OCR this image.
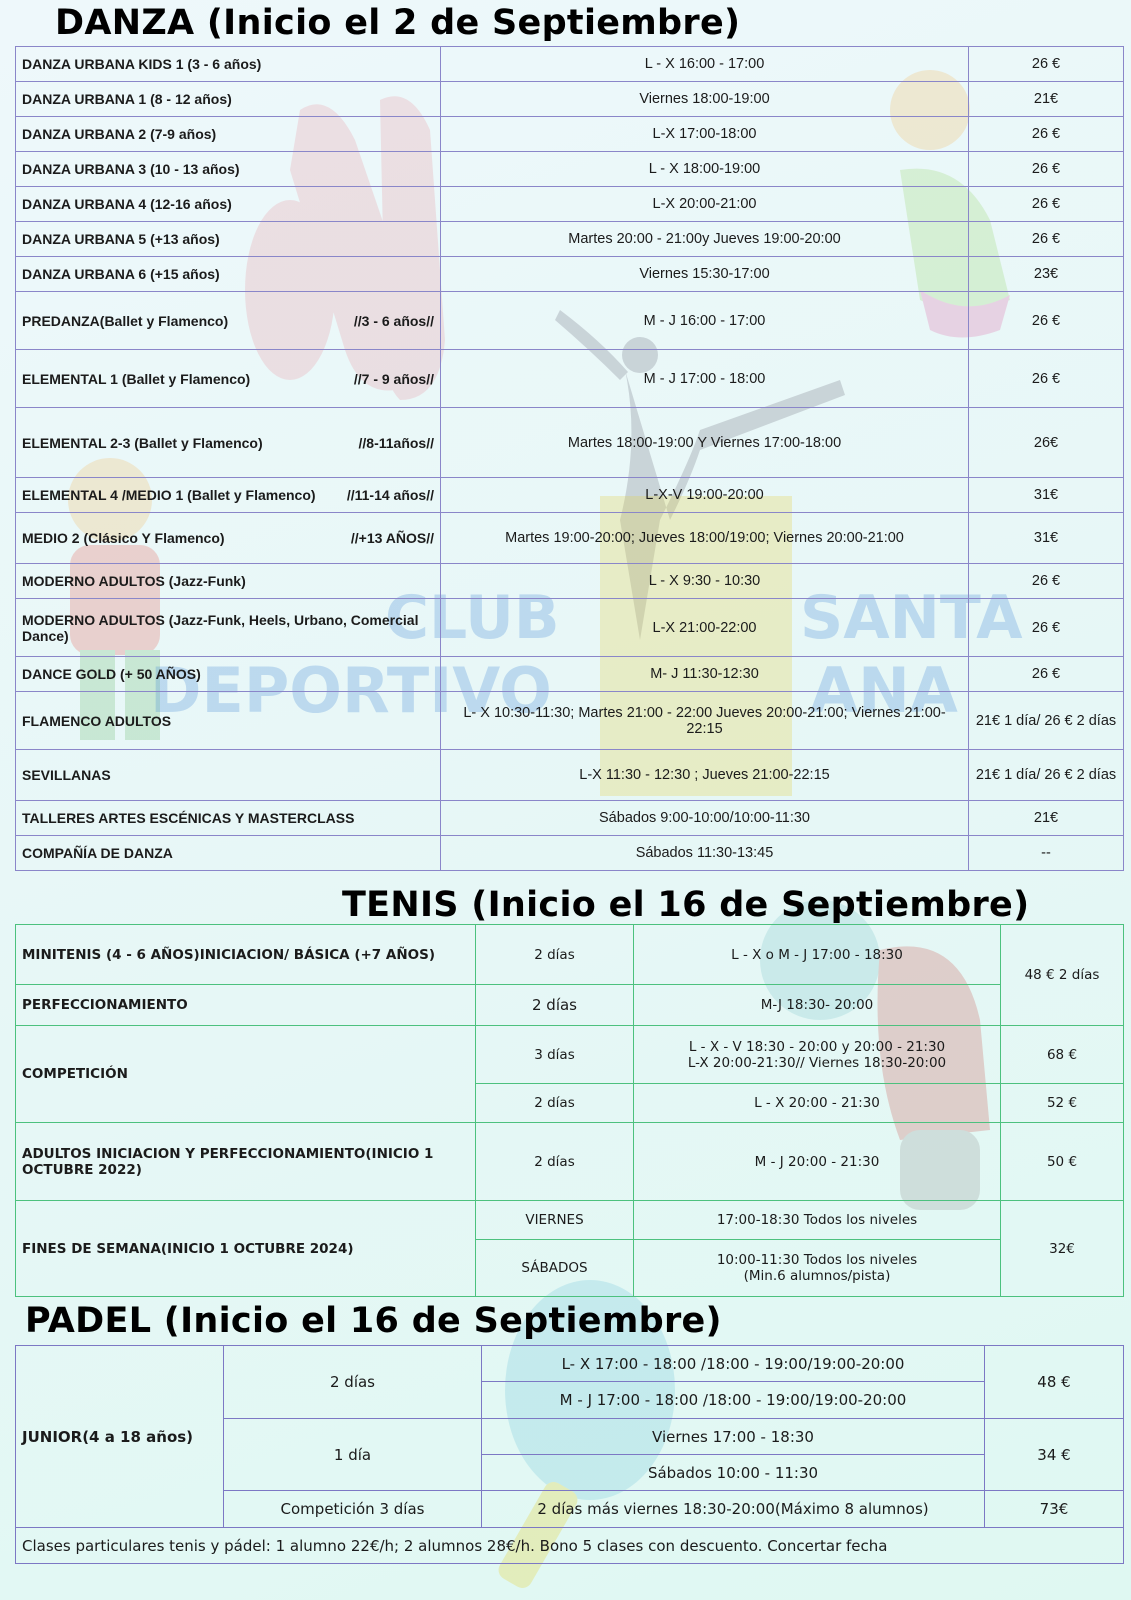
CLUB
DEPORTIVO
SANTA
ANA
DANZA (Inicio el 2 de Septiembre)
DANZA URBANA KIDS 1 (3 - 6 años)	L - X 16:00 - 17:00	26 €

DANZA URBANA 1 (8 - 12 años)	Viernes 18:00-19:00	21€

DANZA URBANA 2 (7-9 años)	L-X 17:00-18:00	26 €

DANZA URBANA 3 (10 - 13 años)	L - X 18:00-19:00	26 €

DANZA URBANA 4 (12-16 años)	L-X 20:00-21:00	26 €

DANZA URBANA 5 (+13 años)	Martes 20:00 - 21:00y Jueves 19:00-20:00	26 €

DANZA URBANA 6 (+15 años)	Viernes 15:30-17:00	23€

PREDANZA(Ballet y Flamenco) //3 - 6 años//	M - J 16:00 - 17:00	26 €

ELEMENTAL 1 (Ballet y Flamenco) //7 - 9 años//	M - J 17:00 - 18:00	26 €

ELEMENTAL 2-3 (Ballet y Flamenco) //8-11años//	Martes 18:00-19:00 Y Viernes 17:00-18:00	26€

ELEMENTAL 4 /MEDIO 1 (Ballet y Flamenco) //11-14 años//	L-X-V 19:00-20:00	31€

MEDIO 2 (Clásico Y Flamenco) //+13 AÑOS//	Martes 19:00-20:00; Jueves 18:00/19:00; Viernes 20:00-21:00	31€

MODERNO ADULTOS (Jazz-Funk)	L - X 9:30 - 10:30	26 €

MODERNO ADULTOS (Jazz-Funk, Heels, Urbano, Comercial Dance)	L-X 21:00-22:00	26 €

DANCE GOLD (+ 50 AÑOS)	M- J 11:30-12:30	26 €

FLAMENCO ADULTOS	L- X 10:30-11:30; Martes 21:00 - 22:00 Jueves 20:00-21:00; Viernes 21:00-22:15	21€ 1 día/ 26 € 2 días

SEVILLANAS	L-X 11:30 - 12:30 ; Jueves 21:00-22:15	21€ 1 día/ 26 € 2 días

TALLERES ARTES ESCÉNICAS Y MASTERCLASS	Sábados 9:00-10:00/10:00-11:30	21€

COMPAÑÍA DE DANZA	Sábados 11:30-13:45	--
TENIS (Inicio el 16 de Septiembre)
MINITENIS (4 - 6 AÑOS)INICIACION/ BÁSICA (+7 AÑOS)	2 días	L - X o M - J 17:00 - 18:30	48 € 2 días
PERFECCIONAMIENTO	2 días	M-J 18:30- 20:00	
COMPETICIÓN	3 días	L - X - V 18:30 - 20:00 y 20:00 - 21:30
L-X 20:00-21:30// Viernes 18:30-20:00	68 €
	2 días	L - X 20:00 - 21:30	52 €
ADULTOS INICIACION Y PERFECCIONAMIENTO(INICIO 1 OCTUBRE 2022)	2 días	M - J 20:00 - 21:30	50 €
FINES DE SEMANA(INICIO 1 OCTUBRE 2024)	VIERNES	17:00-18:30 Todos los niveles	32€
	SÁBADOS	10:00-11:30 Todos los niveles
(Min.6 alumnos/pista)	
PADEL (Inicio el 16 de Septiembre)
JUNIOR(4 a 18 años)	2 días	L- X 17:00 - 18:00 /18:00 - 19:00/19:00-20:00	48 €
		M - J 17:00 - 18:00 /18:00 - 19:00/19:00-20:00	
	1 día	Viernes 17:00 - 18:30	34 €
		Sábados 10:00 - 11:30	
	Competición 3 días	2 días más viernes 18:30-20:00(Máximo 8 alumnos)	73€
Clases particulares tenis y pádel: 1 alumno 22€/h; 2 alumnos 28€/h. Bono 5 clases con descuento. Concertar fecha			
